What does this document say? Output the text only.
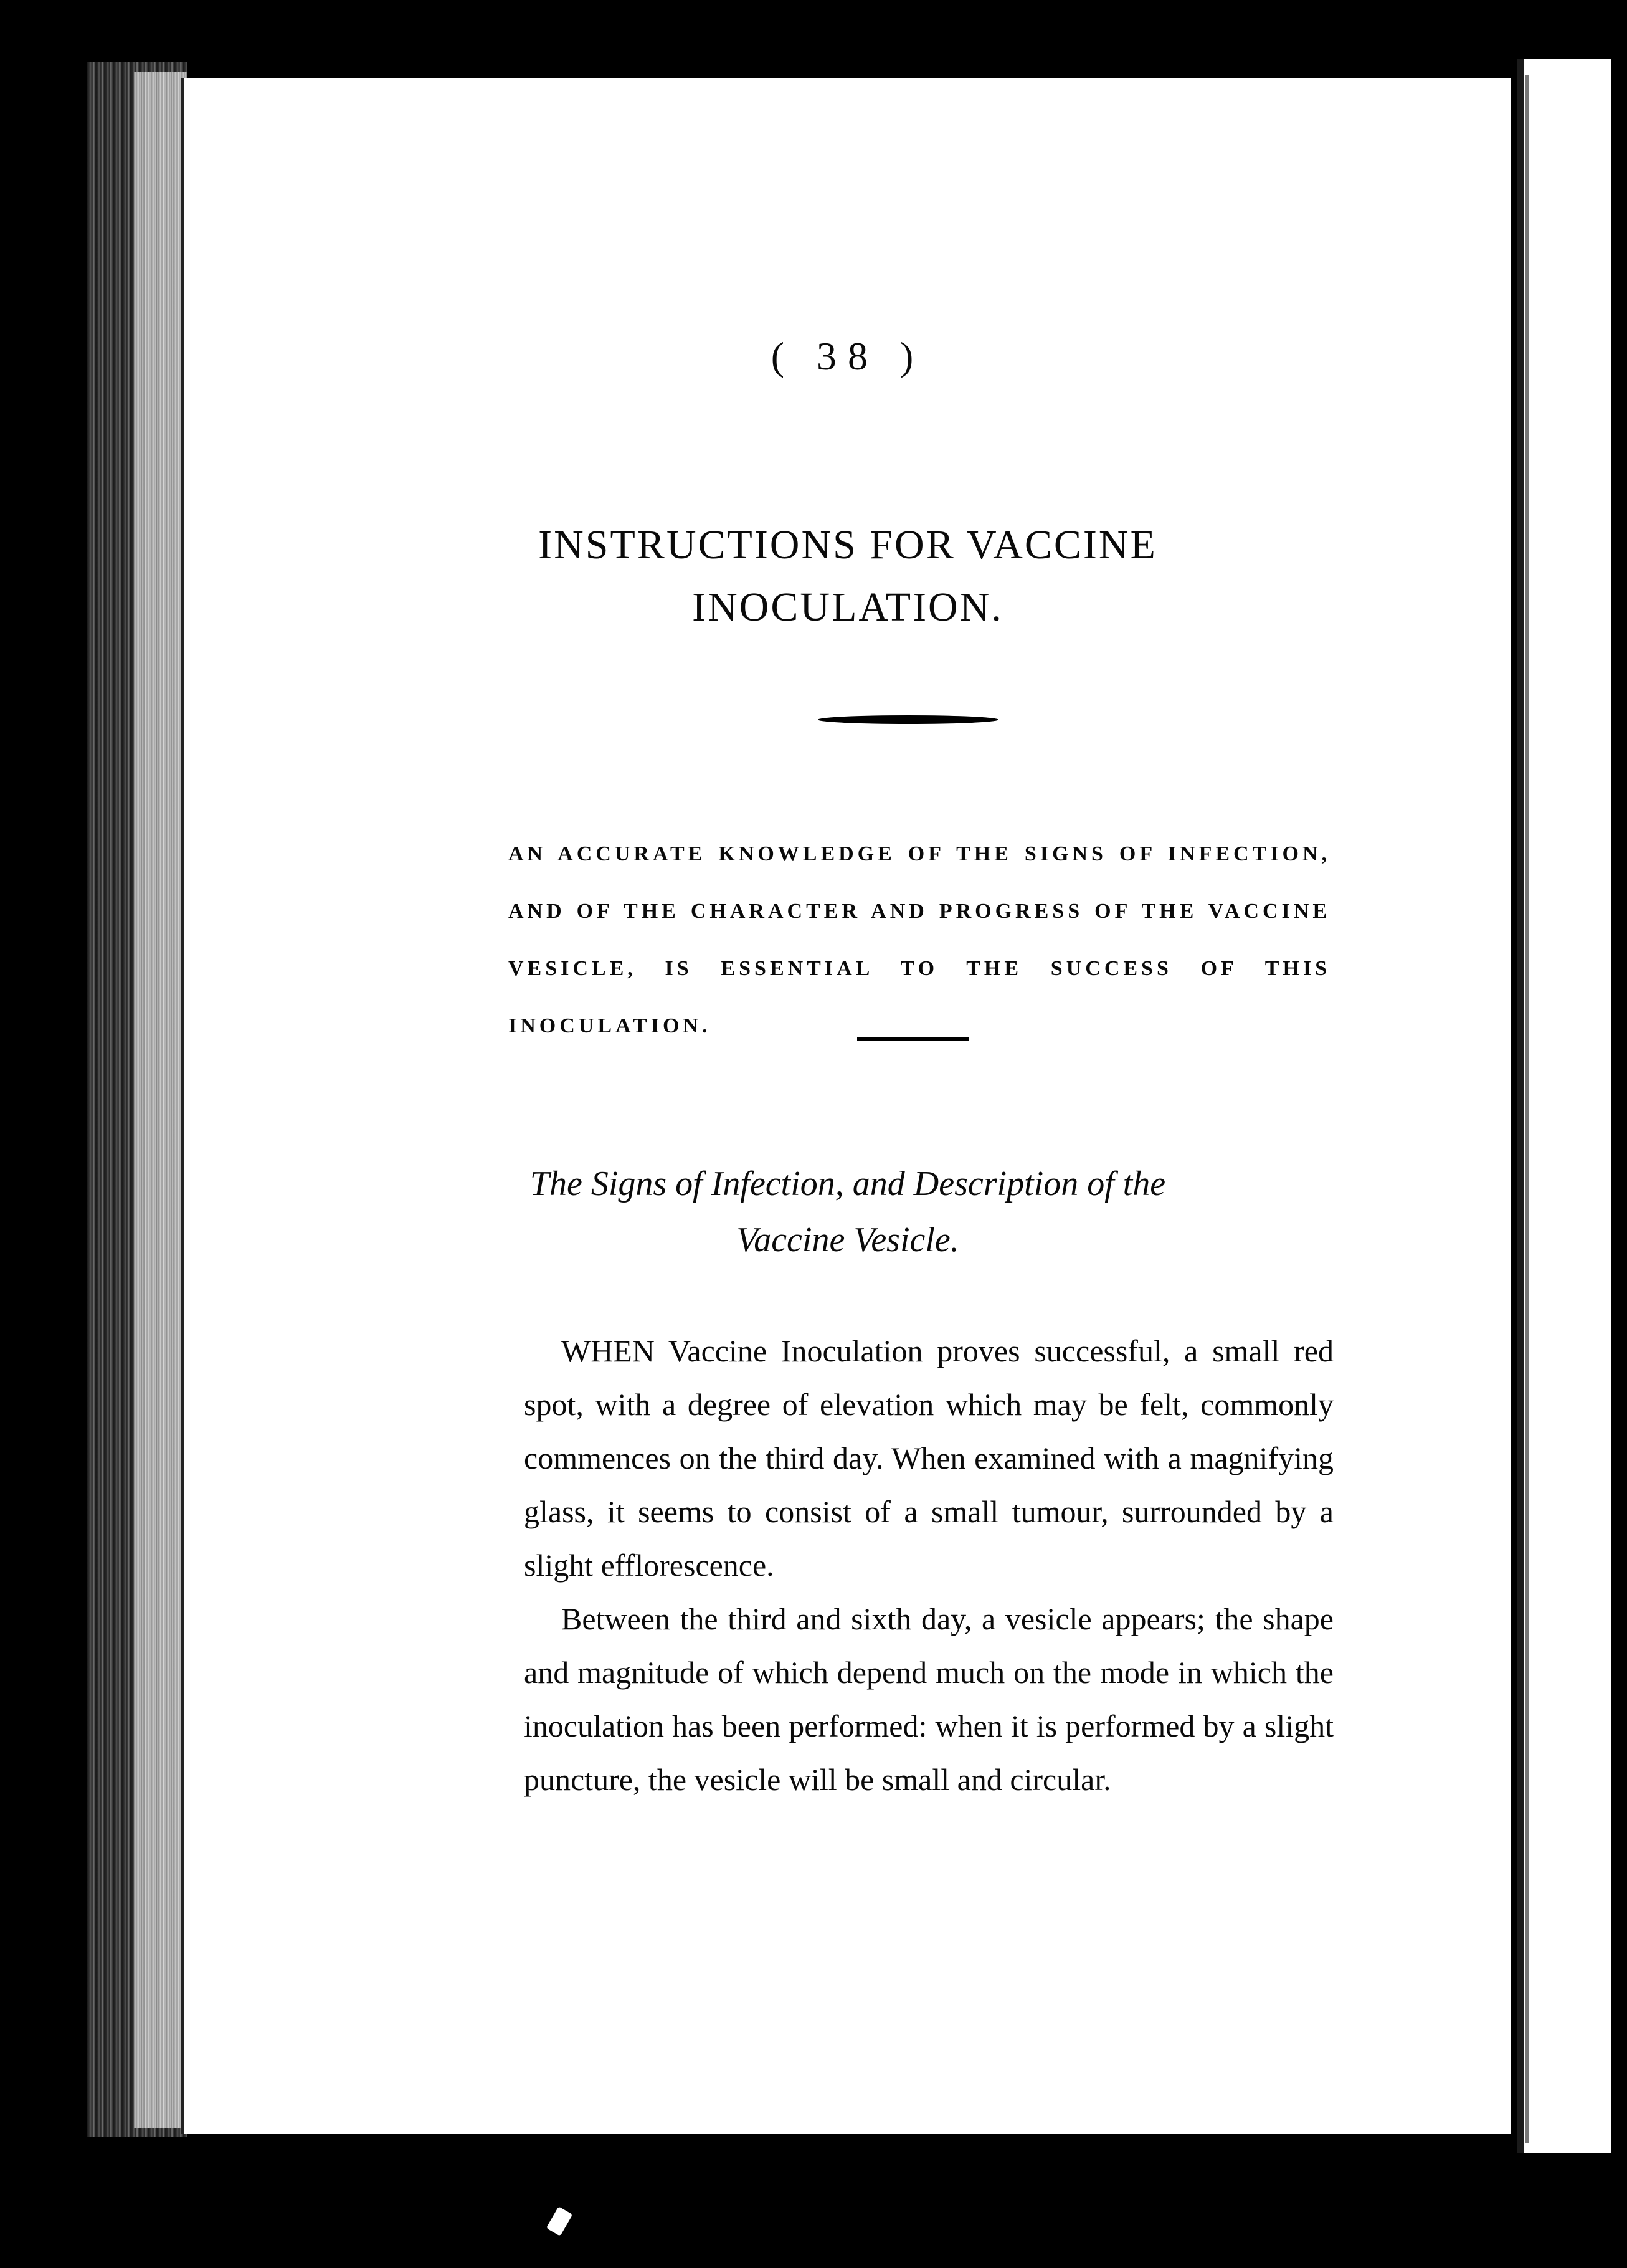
( 38 )
INSTRUCTIONS FOR VACCINE
INOCULATION.
AN ACCURATE KNOWLEDGE OF THE SIGNS OF INFECTION, AND OF THE CHARACTER AND PROGRESS OF THE VACCINE VESICLE, IS ESSENTIAL TO THE SUCCESS OF THIS INOCULATION.
The Signs of Infection, and Description of the
Vaccine Vesicle.

WHEN Vaccine Inoculation proves successful, a small red spot, with a degree of elevation which may be felt, commonly commences on the third day. When examined with a magnifying glass, it seems to consist of a small tumour, surrounded by a slight efflorescence.

Between the third and sixth day, a vesicle appears; the shape and magnitude of which depend much on the mode in which the inoculation has been performed: when it is performed by a slight puncture, the vesicle will be small and circular.
